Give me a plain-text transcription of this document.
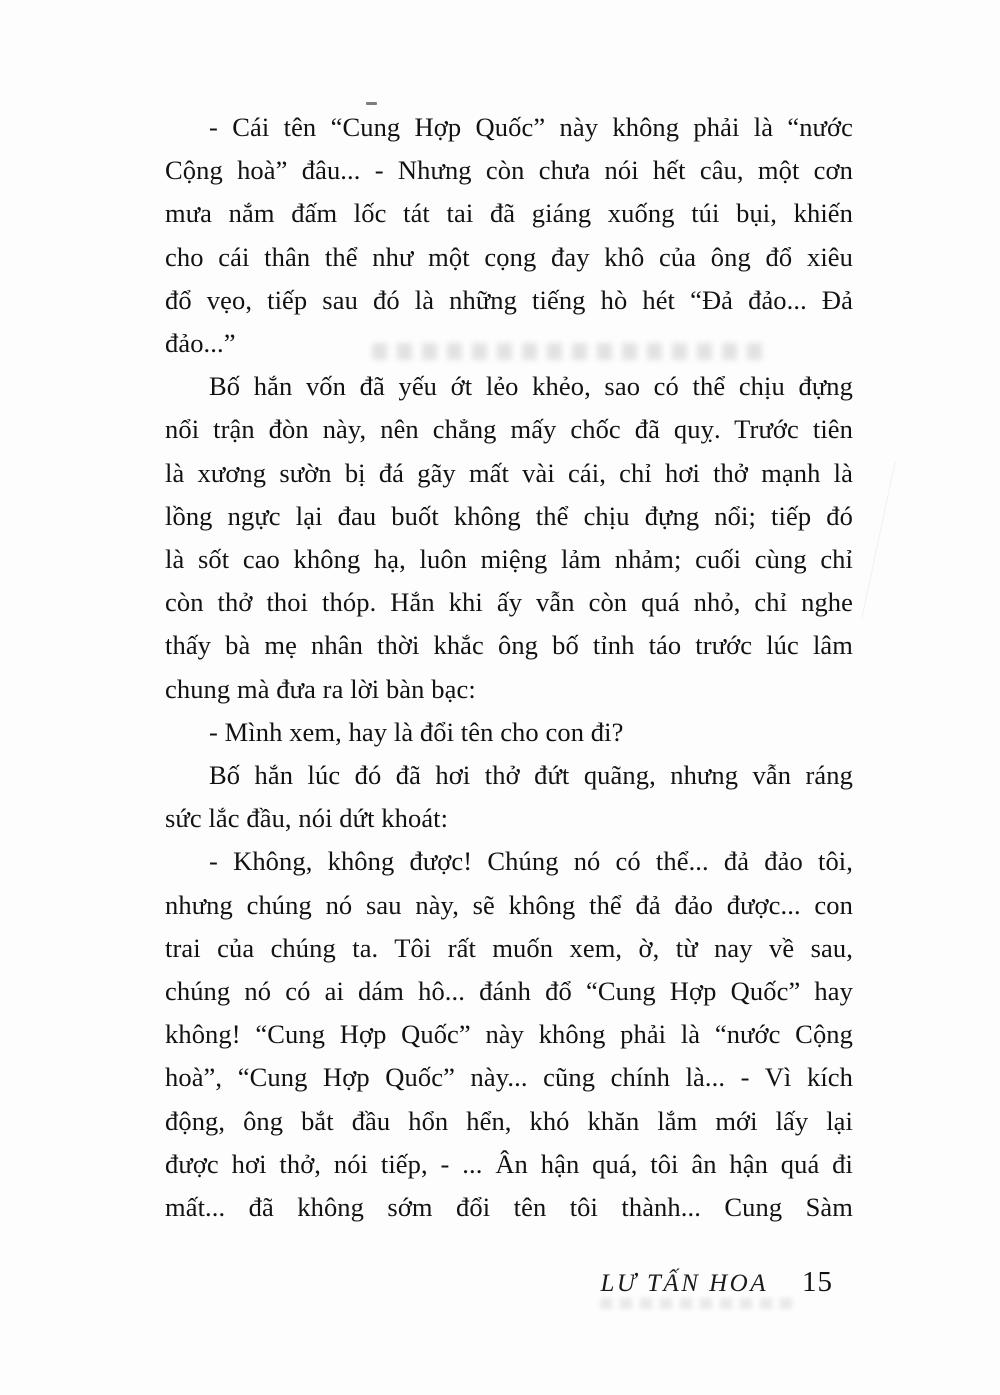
- Cái tên “Cung Hợp Quốc” này không phải là “nước
Cộng hoà” đâu... - Nhưng còn chưa nói hết câu, một cơn
mưa nắm đấm lốc tát tai đã giáng xuống túi bụi, khiến
cho cái thân thể như một cọng đay khô của ông đổ xiêu
đổ vẹo, tiếp sau đó là những tiếng hò hét “Đả đảo... Đả
đảo...”

Bố hắn vốn đã yếu ớt lẻo khẻo, sao có thể chịu đựng
nổi trận đòn này, nên chẳng mấy chốc đã quỵ. Trước tiên
là xương sườn bị đá gãy mất vài cái, chỉ hơi thở mạnh là
lồng ngực lại đau buốt không thể chịu đựng nổi; tiếp đó
là sốt cao không hạ, luôn miệng lảm nhảm; cuối cùng chỉ
còn thở thoi thóp. Hắn khi ấy vẫn còn quá nhỏ, chỉ nghe
thấy bà mẹ nhân thời khắc ông bố tỉnh táo trước lúc lâm
chung mà đưa ra lời bàn bạc:

- Mình xem, hay là đổi tên cho con đi?

Bố hắn lúc đó đã hơi thở đứt quãng, nhưng vẫn ráng
sức lắc đầu, nói dứt khoát:

- Không, không được! Chúng nó có thể... đả đảo tôi,
nhưng chúng nó sau này, sẽ không thể đả đảo được... con
trai của chúng ta. Tôi rất muốn xem, ờ, từ nay về sau,
chúng nó có ai dám hô... đánh đổ “Cung Hợp Quốc” hay
không! “Cung Hợp Quốc” này không phải là “nước Cộng
hoà”, “Cung Hợp Quốc” này... cũng chính là... - Vì kích
động, ông bắt đầu hổn hển, khó khăn lắm mới lấy lại
được hơi thở, nói tiếp, - ... Ân hận quá, tôi ân hận quá đi
mất... đã không sớm đổi tên tôi thành... Cung Sàm

LƯ TẤN HOA 15
